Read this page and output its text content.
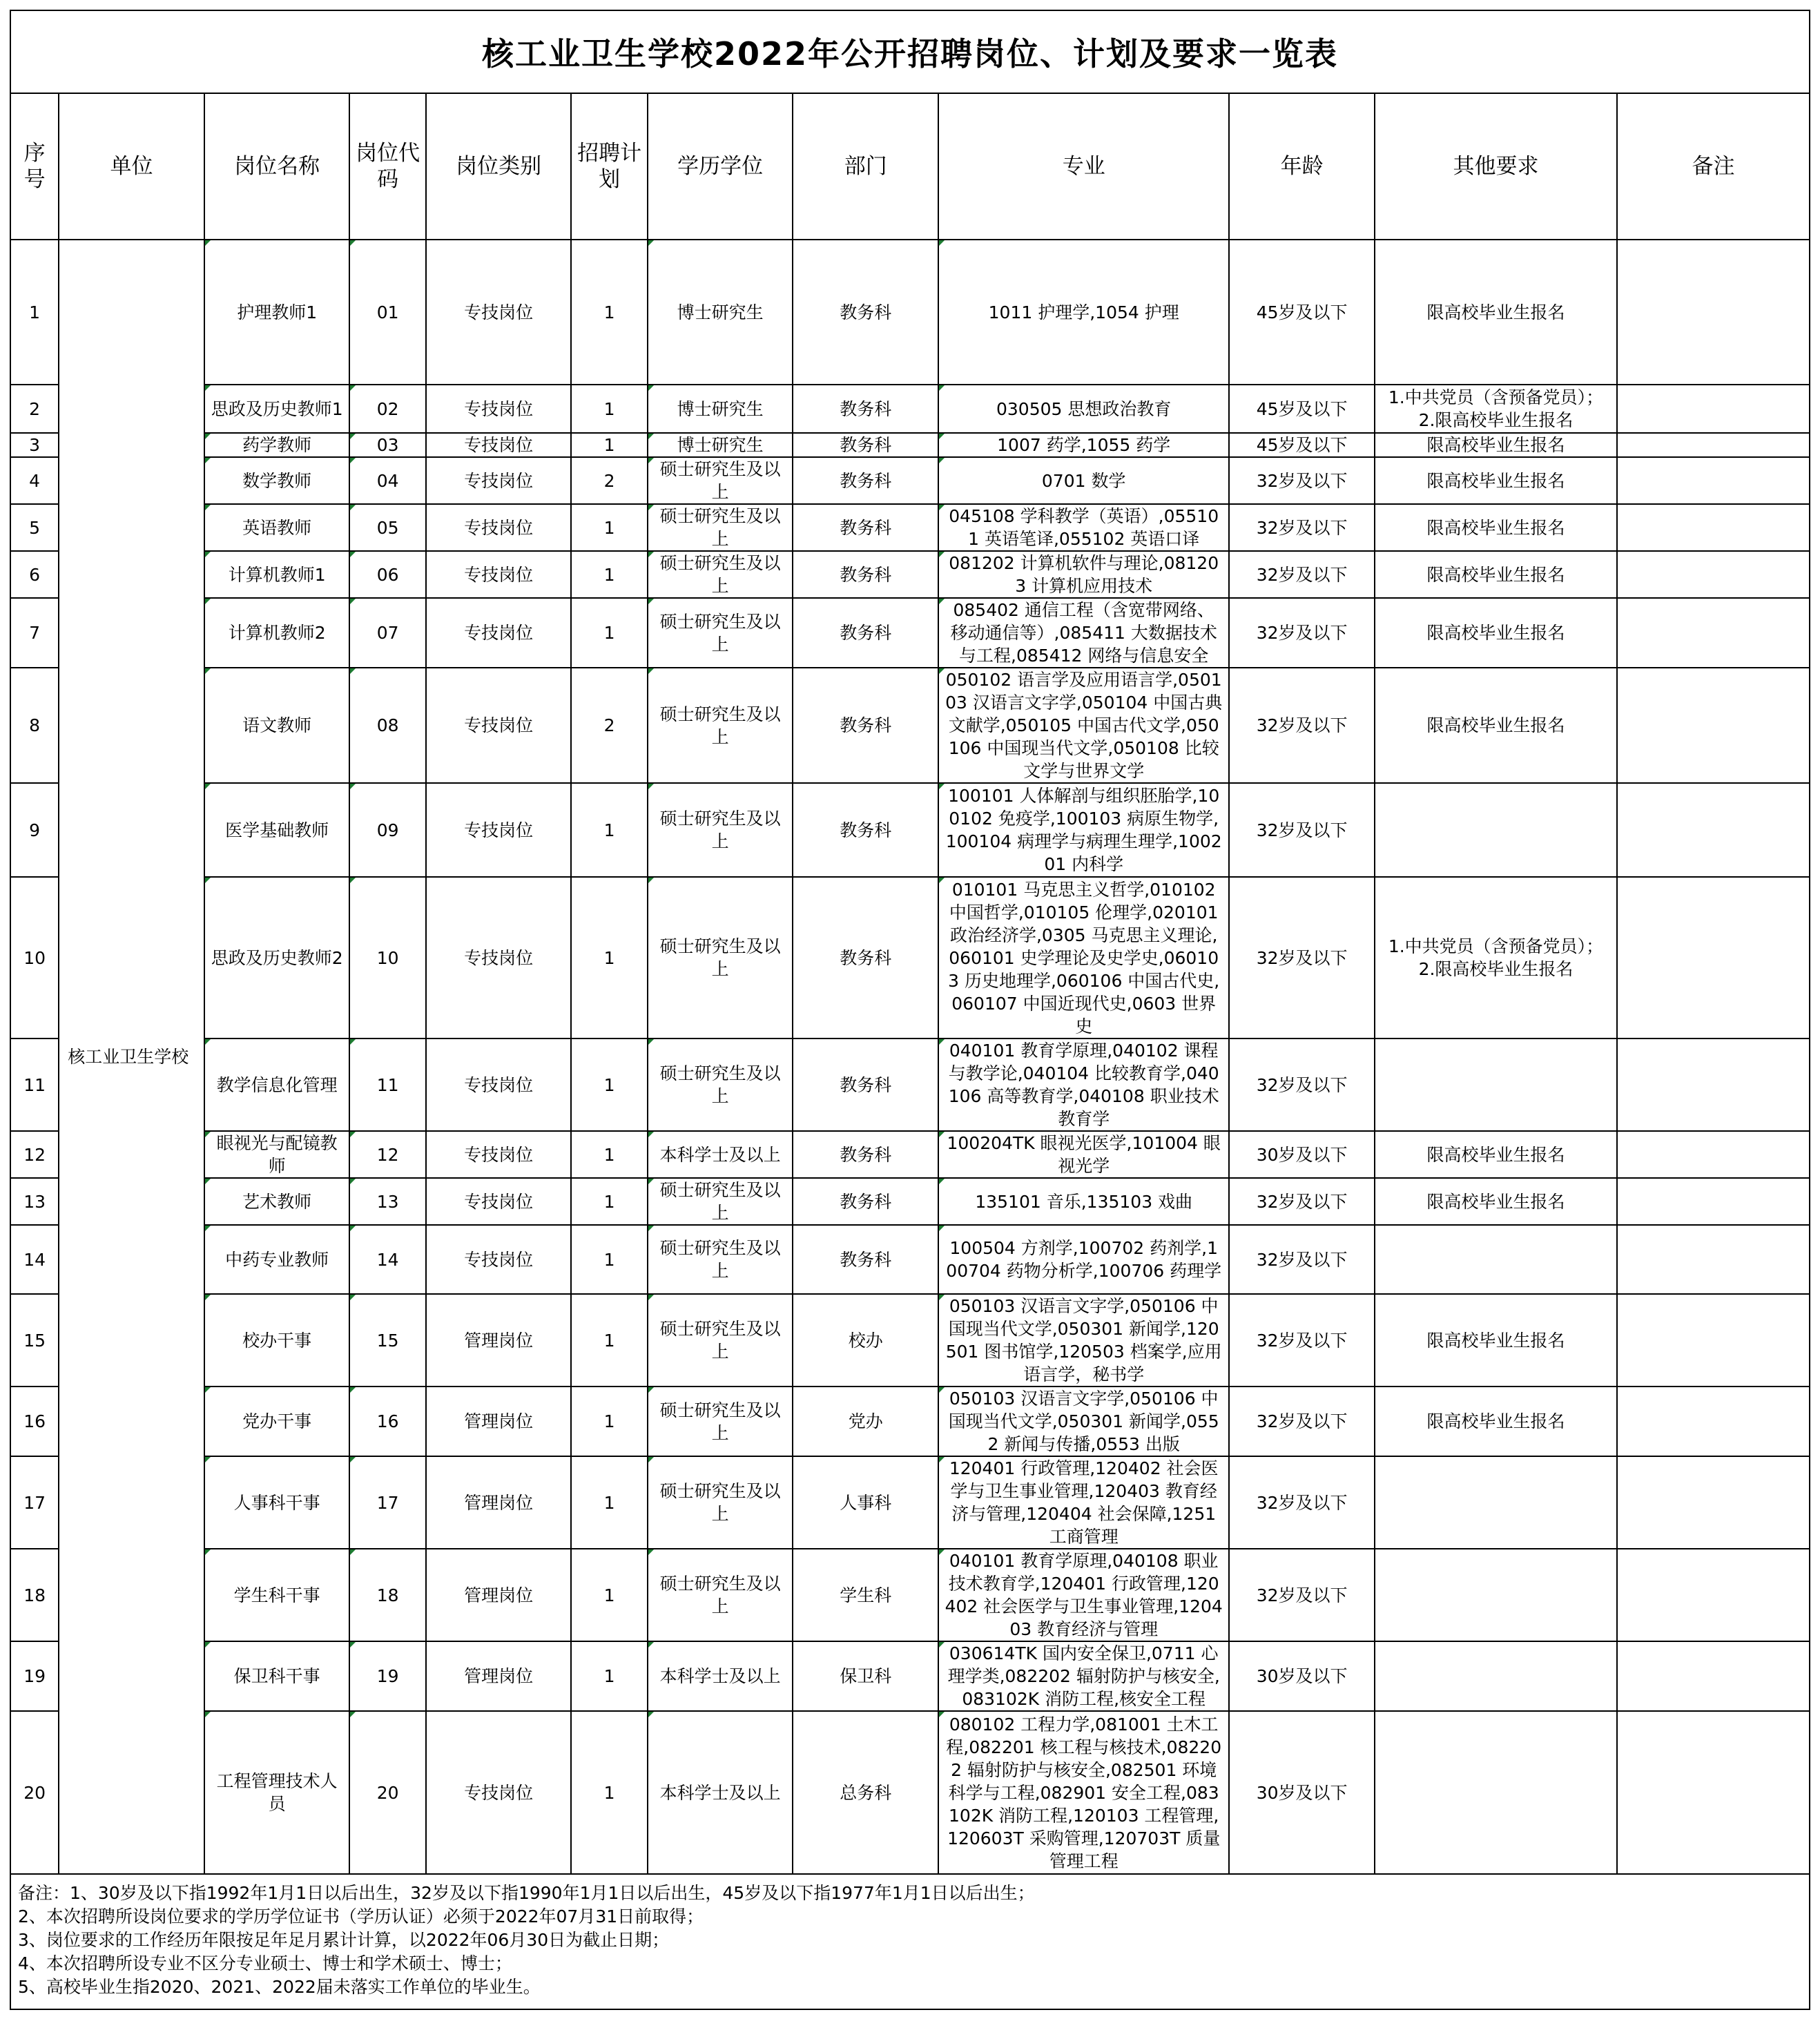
核工业卫生学校2022年公开招聘岗位、计划及要求一览表
序号	单位	岗位名称	岗位代码	岗位类别	招聘计划	学历学位	部门	专业	年龄	其他要求	备注
1	核工业卫生学校	护理教师1	01	专技岗位	1	博士研究生	教务科	1011 护理学,1054 护理	45岁及以下	限高校毕业生报名	
2		思政及历史教师1	02	专技岗位	1	博士研究生	教务科	030505 思想政治教育	45岁及以下	1.中共党员（含预备党员）；
2.限高校毕业生报名	
3		药学教师	03	专技岗位	1	博士研究生	教务科	1007 药学,1055 药学	45岁及以下	限高校毕业生报名	
4		数学教师	04	专技岗位	2	硕士研究生及以上	教务科	0701 数学	32岁及以下	限高校毕业生报名	
5		英语教师	05	专技岗位	1	硕士研究生及以上	教务科	045108 学科教学（英语）,055101 英语笔译,055102 英语口译	32岁及以下	限高校毕业生报名	
6		计算机教师1	06	专技岗位	1	硕士研究生及以上	教务科	081202 计算机软件与理论,081203 计算机应用技术	32岁及以下	限高校毕业生报名	
7		计算机教师2	07	专技岗位	1	硕士研究生及以上	教务科	085402 通信工程（含宽带网络、移动通信等）,085411 大数据技术与工程,085412 网络与信息安全	32岁及以下	限高校毕业生报名	
8		语文教师	08	专技岗位	2	硕士研究生及以上	教务科	050102 语言学及应用语言学,050103 汉语言文字学,050104 中国古典文献学,050105 中国古代文学,050106 中国现当代文学,050108 比较文学与世界文学	32岁及以下	限高校毕业生报名	
9		医学基础教师	09	专技岗位	1	硕士研究生及以上	教务科	100101 人体解剖与组织胚胎学,100102 免疫学,100103 病原生物学,100104 病理学与病理生理学,100201 内科学	32岁及以下		
10		思政及历史教师2	10	专技岗位	1	硕士研究生及以上	教务科	010101 马克思主义哲学,010102 中国哲学,010105 伦理学,020101 政治经济学,0305 马克思主义理论,060101 史学理论及史学史,060103 历史地理学,060106 中国古代史,060107 中国近现代史,0603 世界史	32岁及以下	1.中共党员（含预备党员）；
2.限高校毕业生报名	
11		教学信息化管理	11	专技岗位	1	硕士研究生及以上	教务科	040101 教育学原理,040102 课程与教学论,040104 比较教育学,040106 高等教育学,040108 职业技术教育学	32岁及以下		
12		眼视光与配镜教师	12	专技岗位	1	本科学士及以上	教务科	100204TK 眼视光医学,101004 眼视光学	30岁及以下	限高校毕业生报名	
13		艺术教师	13	专技岗位	1	硕士研究生及以上	教务科	135101 音乐,135103 戏曲	32岁及以下	限高校毕业生报名	
14		中药专业教师	14	专技岗位	1	硕士研究生及以上	教务科	100504 方剂学,100702 药剂学,100704 药物分析学,100706 药理学	32岁及以下		
15		校办干事	15	管理岗位	1	硕士研究生及以上	校办	050103 汉语言文字学,050106 中国现当代文学,050301 新闻学,120501 图书馆学,120503 档案学,应用语言学，秘书学	32岁及以下	限高校毕业生报名	
16		党办干事	16	管理岗位	1	硕士研究生及以上	党办	050103 汉语言文字学,050106 中国现当代文学,050301 新闻学,0552 新闻与传播,0553 出版	32岁及以下	限高校毕业生报名	
17		人事科干事	17	管理岗位	1	硕士研究生及以上	人事科	120401 行政管理,120402 社会医学与卫生事业管理,120403 教育经济与管理,120404 社会保障,1251 工商管理	32岁及以下		
18		学生科干事	18	管理岗位	1	硕士研究生及以上	学生科	040101 教育学原理,040108 职业技术教育学,120401 行政管理,120402 社会医学与卫生事业管理,120403 教育经济与管理	32岁及以下		
19		保卫科干事	19	管理岗位	1	本科学士及以上	保卫科	030614TK 国内安全保卫,0711 心理学类,082202 辐射防护与核安全,083102K 消防工程,核安全工程	30岁及以下		
20		工程管理技术人员	20	专技岗位	1	本科学士及以上	总务科	080102 工程力学,081001 土木工程,082201 核工程与核技术,082202 辐射防护与核安全,082501 环境科学与工程,082901 安全工程,083102K 消防工程,120103 工程管理,120603T 采购管理,120703T 质量管理工程	30岁及以下		
备注：1、30岁及以下指1992年1月1日以后出生，32岁及以下指1990年1月1日以后出生，45岁及以下指1977年1月1日以后出生；
2、本次招聘所设岗位要求的学历学位证书（学历认证）必须于2022年07月31日前取得；
3、岗位要求的工作经历年限按足年足月累计计算，以2022年06月30日为截止日期；
4、本次招聘所设专业不区分专业硕士、博士和学术硕士、博士；
5、高校毕业生指2020、2021、2022届未落实工作单位的毕业生。
